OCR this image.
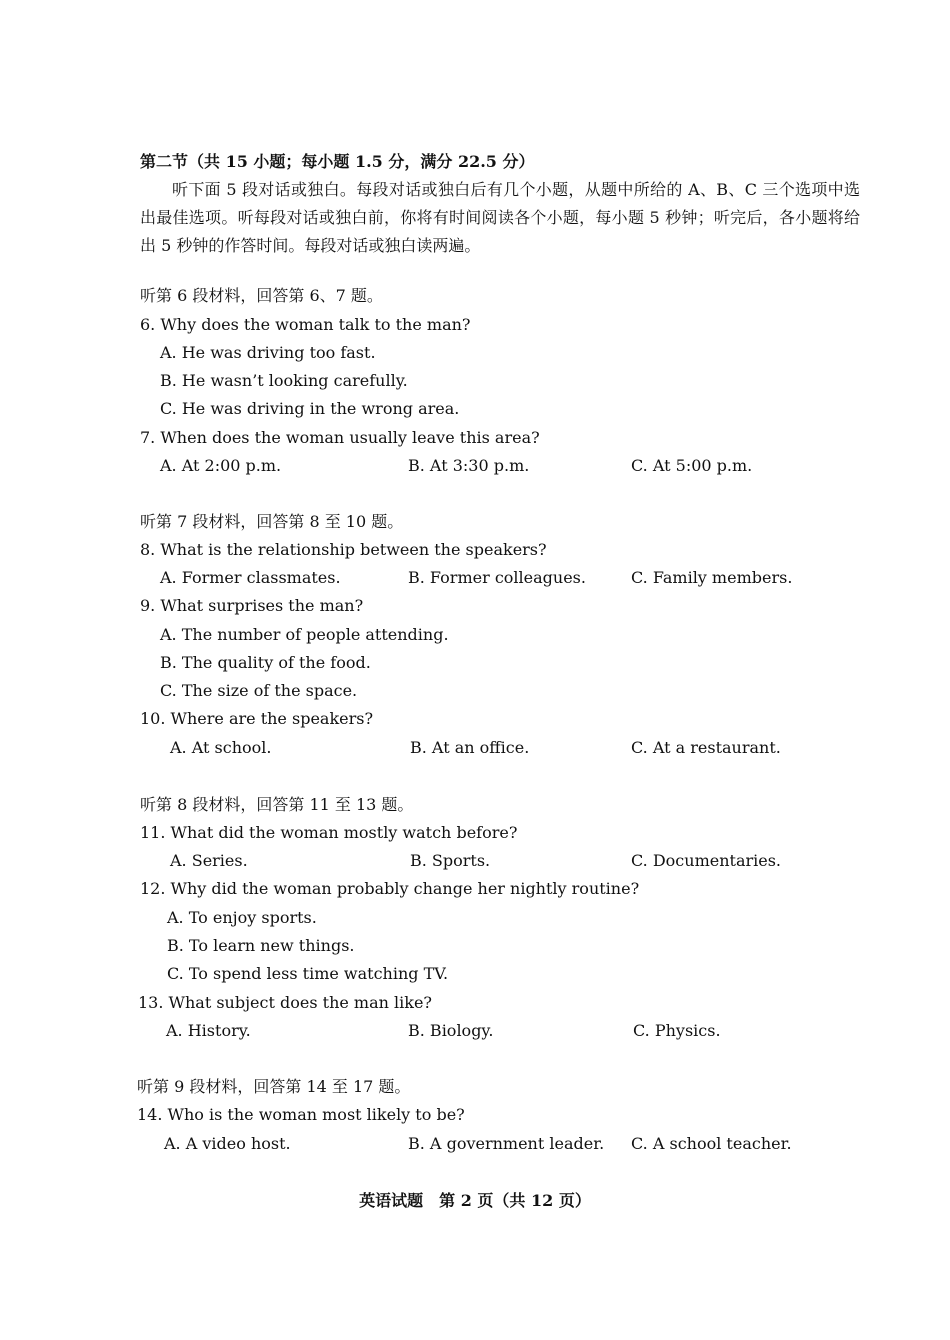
第二节（共 15 小题；每小题 1.5 分，满分 22.5 分）

听下面 5 段对话或独白。每段对话或独白后有几个小题，从题中所给的 A、B、C 三个选项中选出最佳选项。听每段对话或独白前，你将有时间阅读各个小题，每小题 5 秒钟；听完后，各小题将给出 5 秒钟的作答时间。每段对话或独白读两遍。

听第 6 段材料，回答第 6、7 题。
6. Why does the woman talk to the man?
A. He was driving too fast.
B. He wasn’t looking carefully.
C. He was driving in the wrong area.
7. When does the woman usually leave this area?
A. At 2:00 p.m.	B. At 3:30 p.m.	C. At 5:00 p.m.
听第 7 段材料，回答第 8 至 10 题。
8. What is the relationship between the speakers?
A. Former classmates.	B. Former colleagues.	C. Family members.
9. What surprises the man?
A. The number of people attending.
B. The quality of the food.
C. The size of the space.
10. Where are the speakers?
A. At school.	B. At an office.	C. At a restaurant.
听第 8 段材料，回答第 11 至 13 题。
11. What did the woman mostly watch before?
A. Series.	B. Sports.	C. Documentaries.
12. Why did the woman probably change her nightly routine?
A. To enjoy sports.
B. To learn new things.
C. To spend less time watching TV.
13. What subject does the man like?
A. History.	B. Biology.	C. Physics.
听第 9 段材料，回答第 14 至 17 题。
14. Who is the woman most likely to be?
A. A video host.	B. A government leader. C. A school teacher.
英语试题　第 2 页（共 12 页）
